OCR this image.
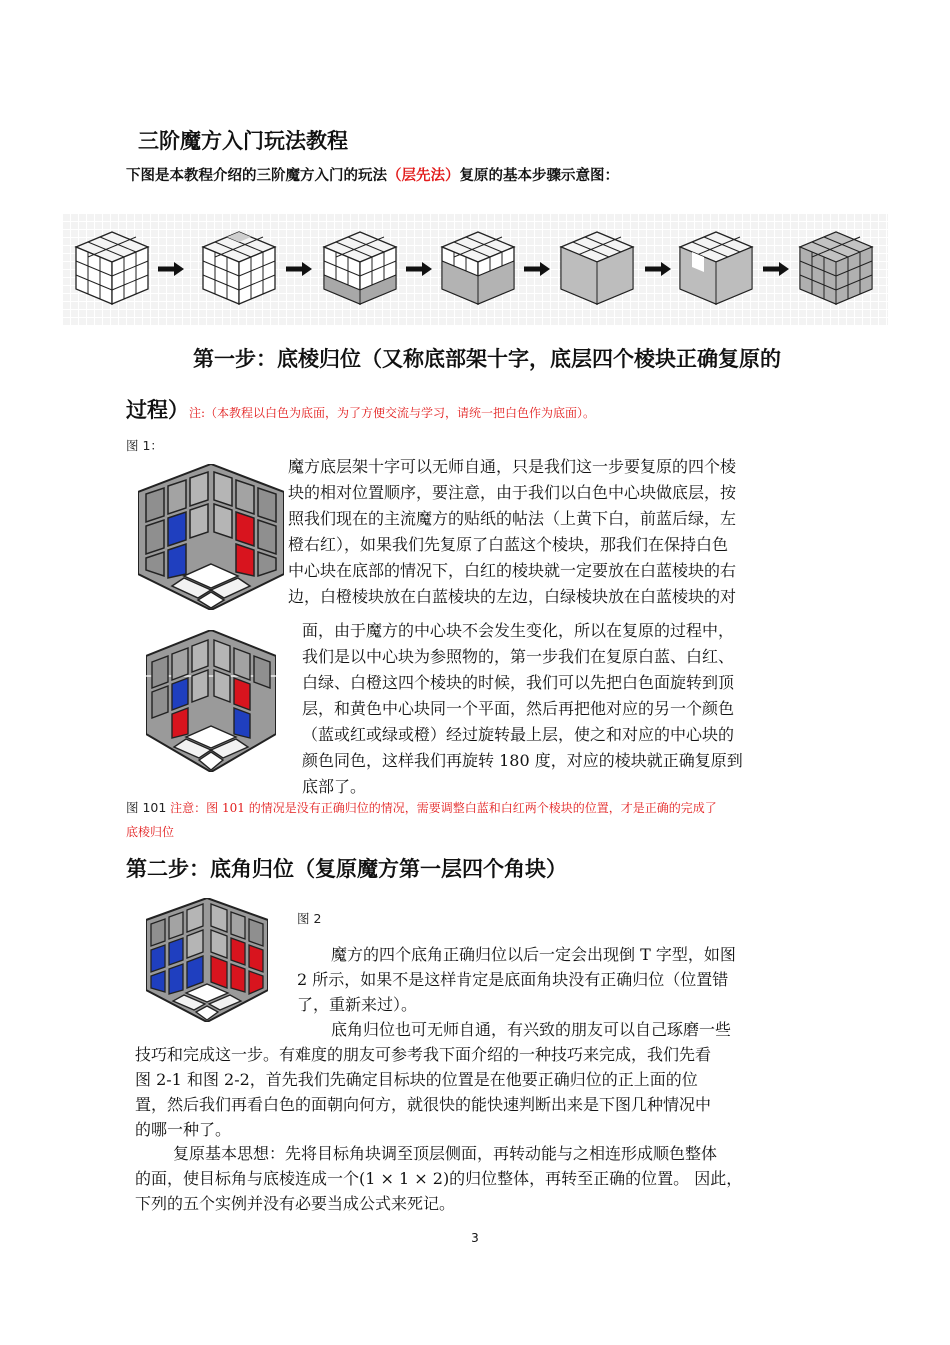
三阶魔方入门玩法教程
下图是本教程介绍的三阶魔方入门的玩法（层先法）复原的基本步骤示意图：
第一步：底棱归位（又称底部架十字，底层四个棱块正确复原的
过程）注:（本教程以白色为底面，为了方便交流与学习，请统一把白色作为底面）。
图 1：
魔方底层架十字可以无师自通，只是我们这一步要复原的四个棱
块的相对位置顺序，要注意，由于我们以白色中心块做底层，按
照我们现在的主流魔方的贴纸的帖法（上黄下白，前蓝后绿，左
橙右红），如果我们先复原了白蓝这个棱块，那我们在保持白色
中心块在底部的情况下，白红的棱块就一定要放在白蓝棱块的右
边，白橙棱块放在白蓝棱块的左边，白绿棱块放在白蓝棱块的对
面，由于魔方的中心块不会发生变化，所以在复原的过程中，
我们是以中心块为参照物的，第一步我们在复原白蓝、白红、
白绿、白橙这四个棱块的时候，我们可以先把白色面旋转到顶
层，和黄色中心块同一个平面，然后再把他对应的另一个颜色
（蓝或红或绿或橙）经过旋转最上层，使之和对应的中心块的
颜色同色，这样我们再旋转 180 度，对应的棱块就正确复原到
底部了。
图 101 注意：图 101 的情况是没有正确归位的情况，需要调整白蓝和白红两个棱块的位置，才是正确的完成了
底棱归位
第二步：底角归位（复原魔方第一层四个角块）
图 2
魔方的四个底角正确归位以后一定会出现倒 T 字型，如图
2 所示，如果不是这样肯定是底面角块没有正确归位（位置错
了，重新来过）。
底角归位也可无师自通，有兴致的朋友可以自己琢磨一些
技巧和完成这一步。有难度的朋友可参考我下面介绍的一种技巧来完成，我们先看
图 2-1 和图 2-2，首先我们先确定目标块的位置是在他要正确归位的正上面的位
置，然后我们再看白色的面朝向何方，就很快的能快速判断出来是下图几种情况中
的哪一种了。
复原基本思想：先将目标角块调至顶层侧面，再转动能与之相连形成顺色整体
的面，使目标角与底棱连成一个(1 × 1 × 2)的归位整体，再转至正确的位置。 因此，
下列的五个实例并没有必要当成公式来死记。
3
